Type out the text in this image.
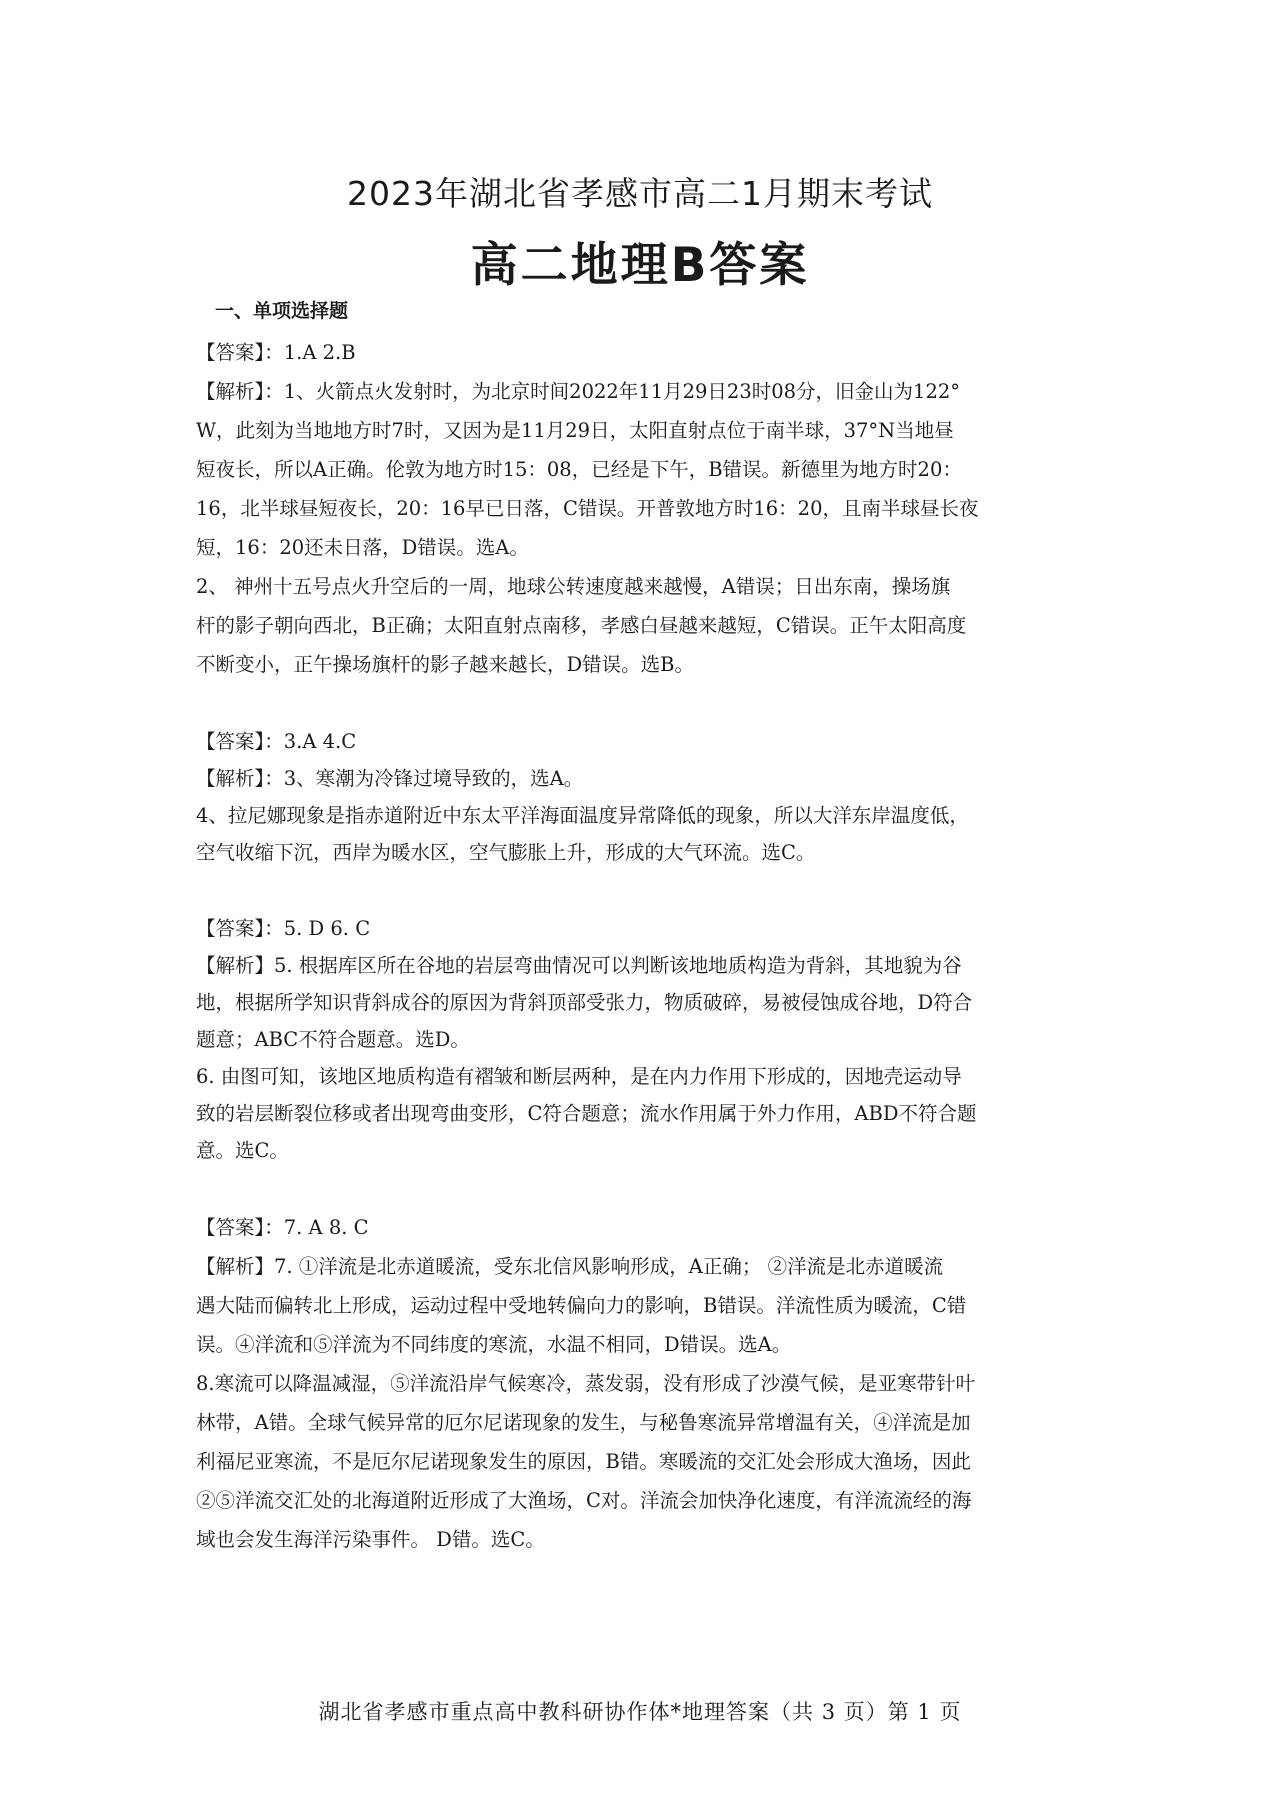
2023年湖北省孝感市高二1月期末考试
高二地理B答案
一、单项选择题
【答案】：1.A 2.B
【解析】：1、火箭点火发射时，为北京时间2022年11月29日23时08分，旧金山为122°
W，此刻为当地地方时7时，又因为是11月29日，太阳直射点位于南半球，37°N当地昼
短夜长，所以A正确。伦敦为地方时15：08，已经是下午，B错误。新德里为地方时20：
16，北半球昼短夜长，20：16早已日落，C错误。开普敦地方时16：20，且南半球昼长夜
短，16：20还未日落，D错误。选A。
2、 神州十五号点火升空后的一周，地球公转速度越来越慢，A错误；日出东南，操场旗
杆的影子朝向西北，B正确；太阳直射点南移，孝感白昼越来越短，C错误。正午太阳高度
不断变小，正午操场旗杆的影子越来越长，D错误。选B。
【答案】：3.A 4.C
【解析】：3、寒潮为冷锋过境导致的，选A。
4、拉尼娜现象是指赤道附近中东太平洋海面温度异常降低的现象，所以大洋东岸温度低，
空气收缩下沉，西岸为暖水区，空气膨胀上升，形成的大气环流。选C。
【答案】：5. D 6. C
【解析】5. 根据库区所在谷地的岩层弯曲情况可以判断该地地质构造为背斜，其地貌为谷
地，根据所学知识背斜成谷的原因为背斜顶部受张力，物质破碎，易被侵蚀成谷地，D符合
题意；ABC不符合题意。选D。
6. 由图可知，该地区地质构造有褶皱和断层两种，是在内力作用下形成的，因地壳运动导
致的岩层断裂位移或者出现弯曲变形，C符合题意；流水作用属于外力作用，ABD不符合题
意。选C。
【答案】：7. A 8. C
【解析】7. ①洋流是北赤道暖流，受东北信风影响形成，A正确； ②洋流是北赤道暖流
遇大陆而偏转北上形成，运动过程中受地转偏向力的影响，B错误。洋流性质为暖流，C错
误。④洋流和⑤洋流为不同纬度的寒流，水温不相同，D错误。选A。
8.寒流可以降温减湿，⑤洋流沿岸气候寒冷，蒸发弱，没有形成了沙漠气候，是亚寒带针叶
林带，A错。全球气候异常的厄尔尼诺现象的发生，与秘鲁寒流异常增温有关，④洋流是加
利福尼亚寒流，不是厄尔尼诺现象发生的原因，B错。寒暖流的交汇处会形成大渔场，因此
②⑤洋流交汇处的北海道附近形成了大渔场，C对。洋流会加快净化速度，有洋流流经的海
域也会发生海洋污染事件。 D错。选C。
湖北省孝感市重点高中教科研协作体*地理答案（共 3 页）第 1 页
